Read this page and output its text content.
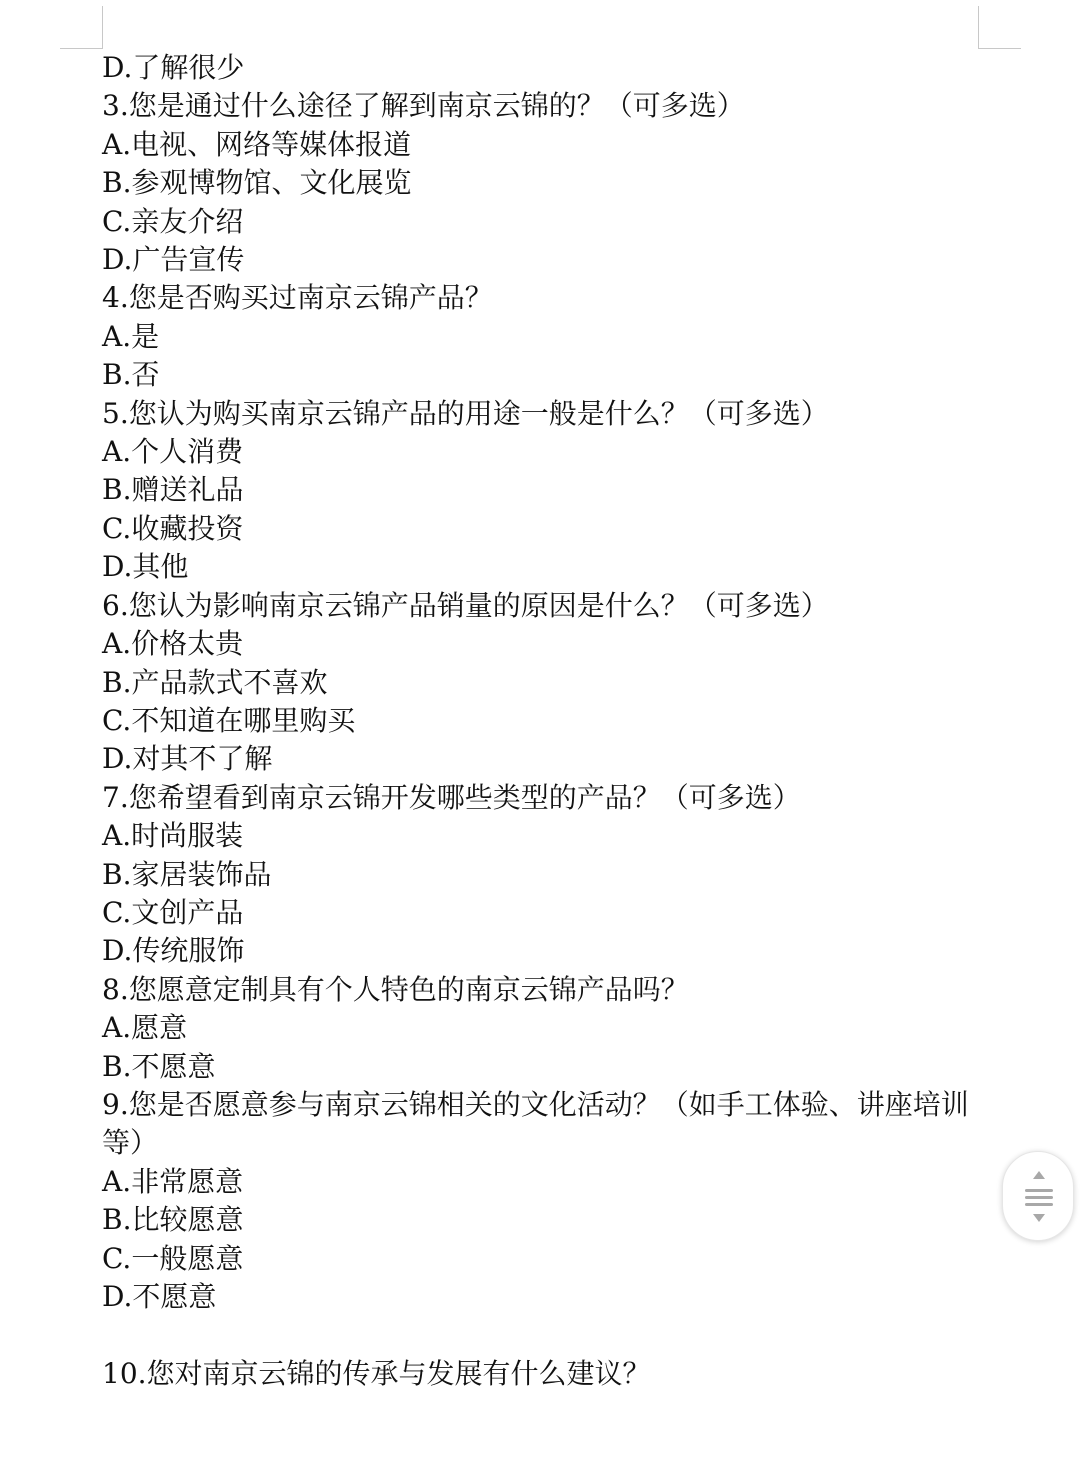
D.了解很少
3.您是通过什么途径了解到南京云锦的？（可多选）
A.电视、网络等媒体报道
B.参观博物馆、文化展览
C.亲友介绍
D.广告宣传
4.您是否购买过南京云锦产品？
A.是
B.否
5.您认为购买南京云锦产品的用途一般是什么？（可多选）
A.个人消费
B.赠送礼品
C.收藏投资
D.其他
6.您认为影响南京云锦产品销量的原因是什么？（可多选）
A.价格太贵
B.产品款式不喜欢
C.不知道在哪里购买
D.对其不了解
7.您希望看到南京云锦开发哪些类型的产品？（可多选）
A.时尚服装
B.家居装饰品
C.文创产品
D.传统服饰
8.您愿意定制具有个人特色的南京云锦产品吗？
A.愿意
B.不愿意
9.您是否愿意参与南京云锦相关的文化活动？（如手工体验、讲座培训等）
A.非常愿意
B.比较愿意
C.一般愿意
D.不愿意
10.您对南京云锦的传承与发展有什么建议？
